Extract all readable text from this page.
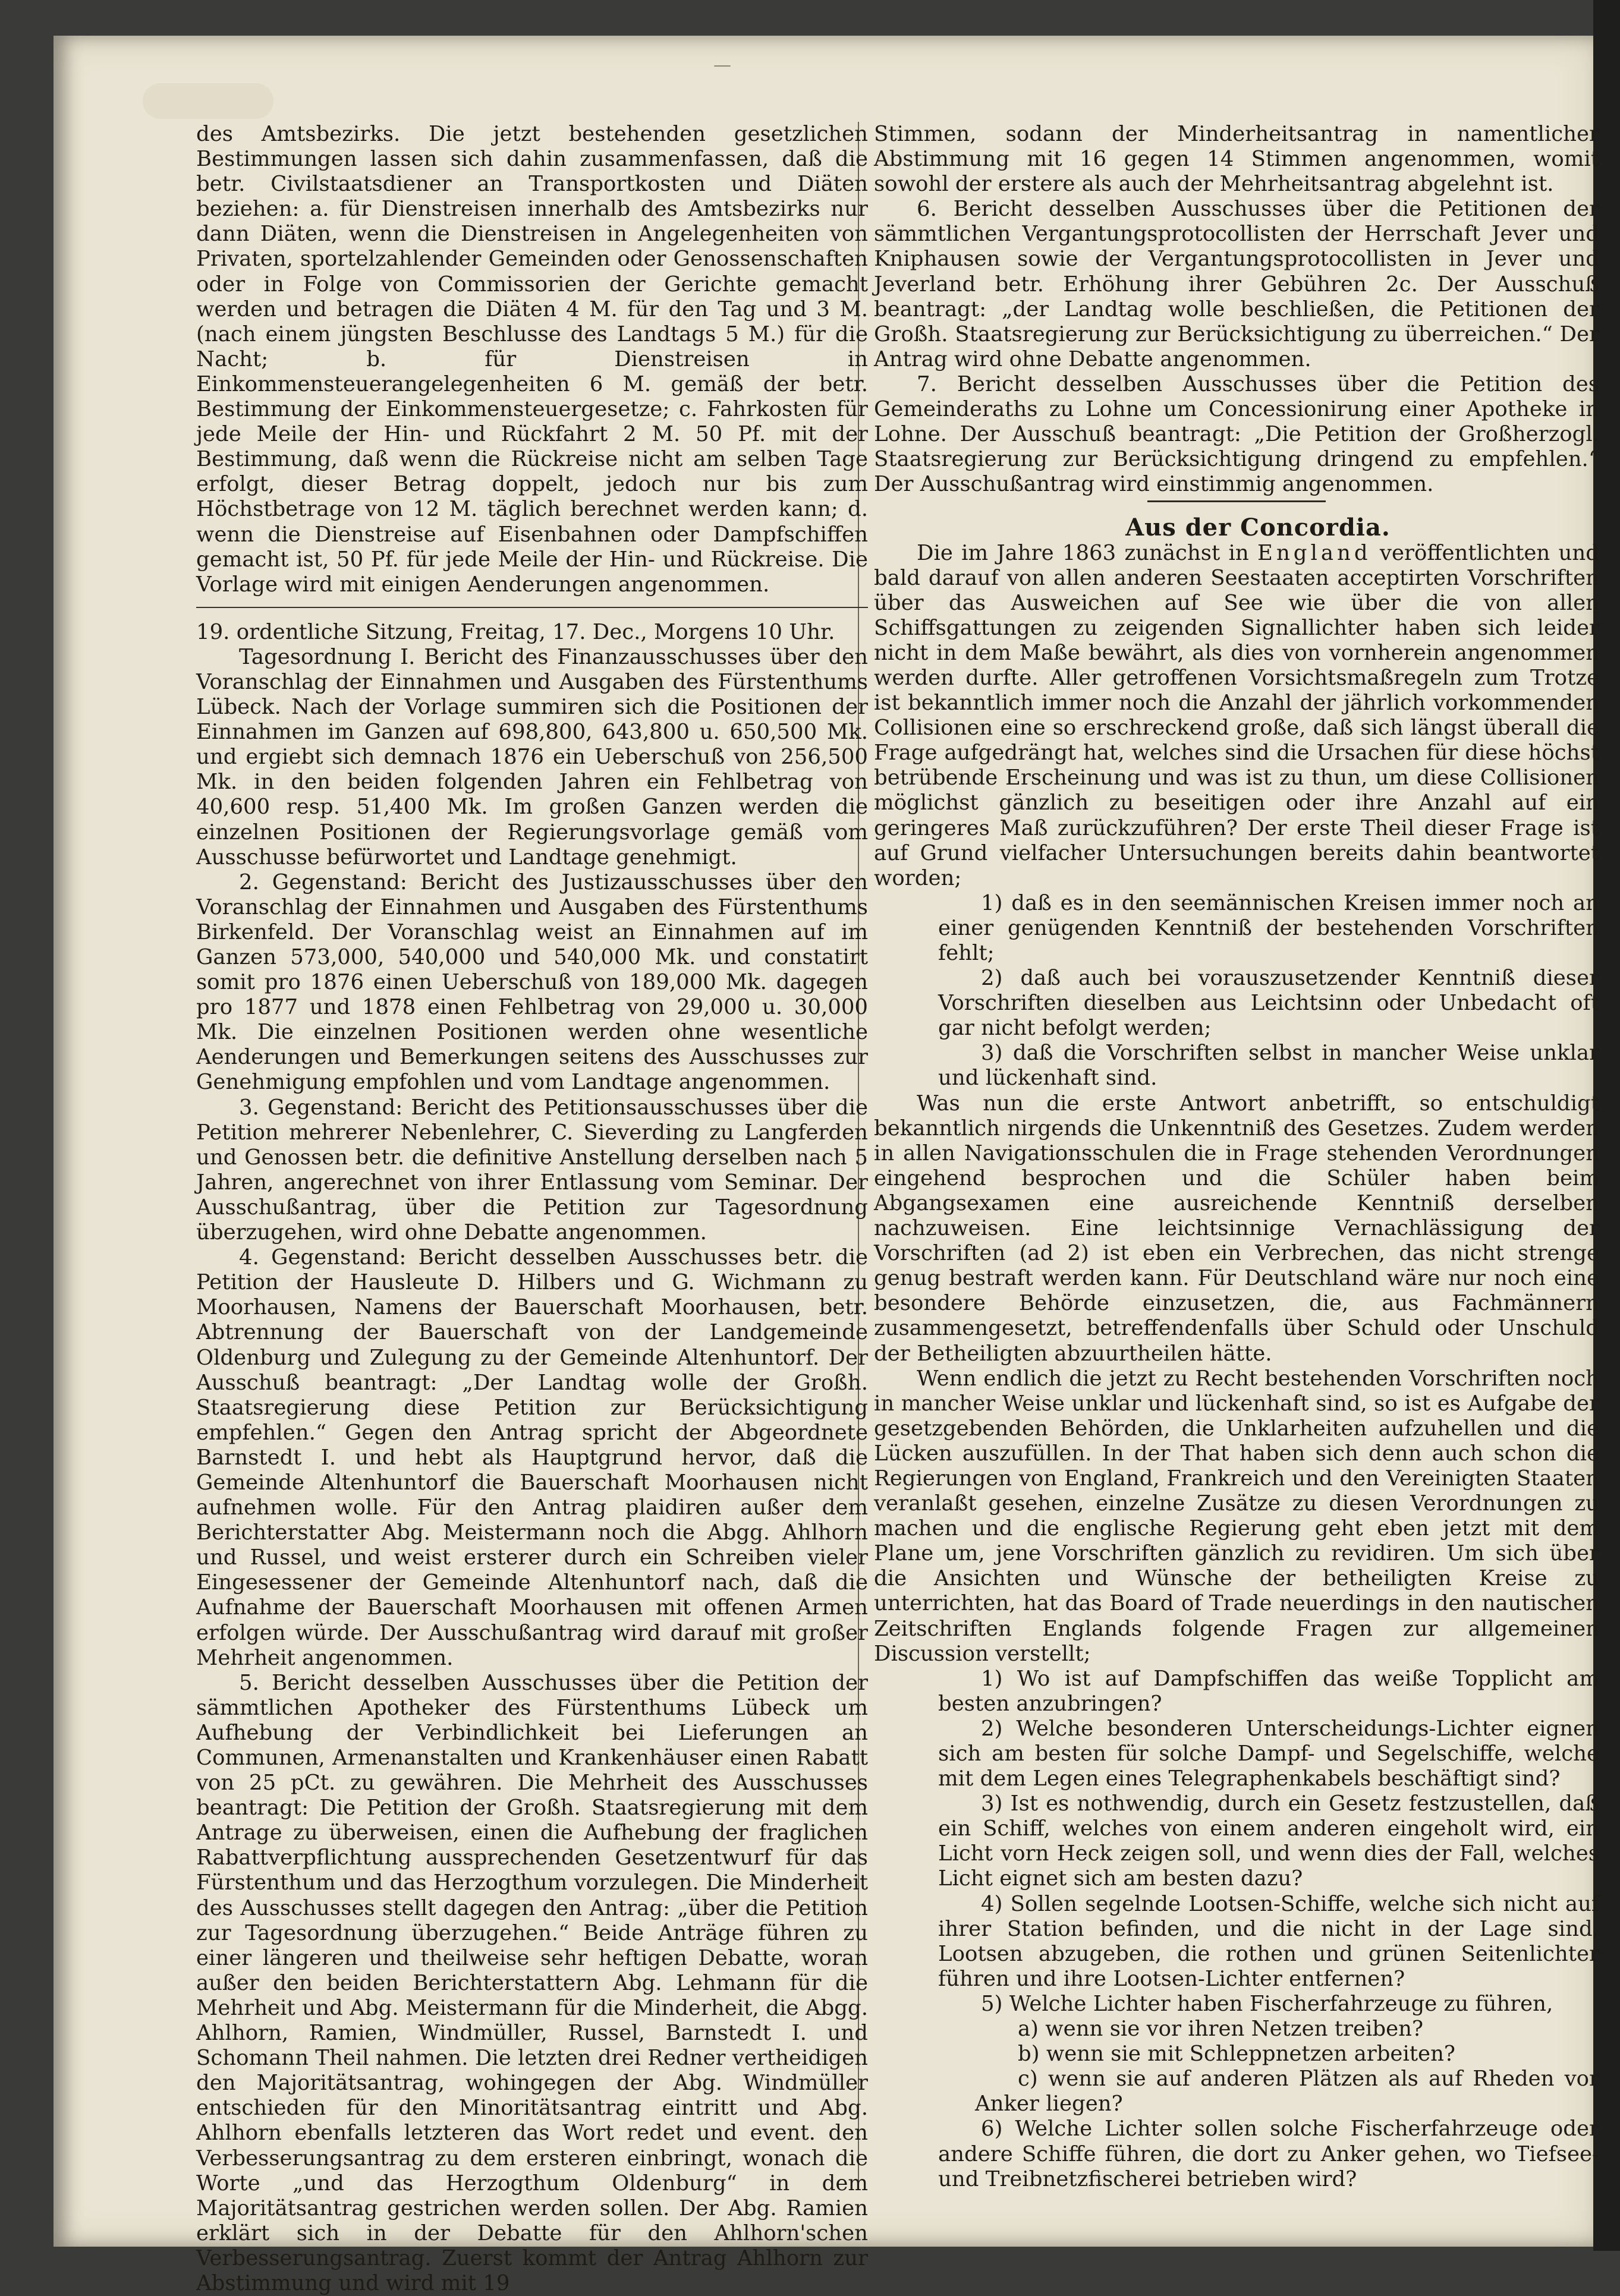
—

des Amtsbezirks. Die jetzt bestehenden gesetzlichen Bestimmungen lassen sich dahin zusammenfassen, daß die betr. Civilstaatsdiener an Transportkosten und Diäten beziehen: a. für Dienstreisen innerhalb des Amtsbezirks nur dann Diäten, wenn die Dienstreisen in Angelegenheiten von Privaten, sportelzahlender Gemeinden oder Genossenschaften oder in Folge von Commissorien der Gerichte gemacht werden und betragen die Diäten 4 M. für den Tag und 3 M. (nach einem jüngsten Beschlusse des Landtags 5 M.) für die Nacht; b. für Dienstreisen in Einkommensteuerangelegenheiten 6 M. gemäß der betr. Bestimmung der Einkommensteuergesetze; c. Fahrkosten für jede Meile der Hin- und Rückfahrt 2 M. 50 Pf. mit der Bestimmung, daß wenn die Rückreise nicht am selben Tage erfolgt, dieser Betrag doppelt, jedoch nur bis zum Höchstbetrage von 12 M. täglich berechnet werden kann; d. wenn die Dienstreise auf Eisenbahnen oder Dampfschiffen gemacht ist, 50 Pf. für jede Meile der Hin- und Rückreise. Die Vorlage wird mit einigen Aenderungen angenommen.

19. ordentliche Sitzung, Freitag, 17. Dec., Morgens 10 Uhr.

Tagesordnung I. Bericht des Finanzausschusses über den Voranschlag der Einnahmen und Ausgaben des Fürstenthums Lübeck. Nach der Vorlage summiren sich die Positionen der Einnahmen im Ganzen auf 698,800, 643,800 u. 650,500 Mk. und ergiebt sich demnach 1876 ein Ueberschuß von 256,500 Mk. in den beiden folgenden Jahren ein Fehlbetrag von 40,600 resp. 51,400 Mk. Im großen Ganzen werden die einzelnen Positionen der Regierungsvorlage gemäß vom Ausschusse befürwortet und Landtage genehmigt.

2. Gegenstand: Bericht des Justizausschusses über den Voranschlag der Einnahmen und Ausgaben des Fürstenthums Birkenfeld. Der Voranschlag weist an Einnahmen auf im Ganzen 573,000, 540,000 und 540,000 Mk. und constatirt somit pro 1876 einen Ueberschuß von 189,000 Mk. dagegen pro 1877 und 1878 einen Fehlbetrag von 29,000 u. 30,000 Mk. Die einzelnen Positionen werden ohne wesentliche Aenderungen und Bemerkungen seitens des Ausschusses zur Genehmigung empfohlen und vom Landtage angenommen.

3. Gegenstand: Bericht des Petitionsausschusses über die Petition mehrerer Nebenlehrer, C. Sieverding zu Langferden und Genossen betr. die definitive Anstellung derselben nach 5 Jahren, angerechnet von ihrer Entlassung vom Seminar. Der Ausschußantrag, über die Petition zur Tagesordnung überzugehen, wird ohne Debatte angenommen.

4. Gegenstand: Bericht desselben Ausschusses betr. die Petition der Hausleute D. Hilbers und G. Wichmann zu Moorhausen, Namens der Bauerschaft Moorhausen, betr. Abtrennung der Bauerschaft von der Landgemeinde Oldenburg und Zulegung zu der Gemeinde Altenhuntorf. Der Ausschuß beantragt: „Der Landtag wolle der Großh. Staatsregierung diese Petition zur Berücksichtigung empfehlen.“ Gegen den Antrag spricht der Abgeordnete Barnstedt I. und hebt als Hauptgrund hervor, daß die Gemeinde Altenhuntorf die Bauerschaft Moorhausen nicht aufnehmen wolle. Für den Antrag plaidiren außer dem Berichterstatter Abg. Meistermann noch die Abgg. Ahlhorn und Russel, und weist ersterer durch ein Schreiben vieler Eingesessener der Gemeinde Altenhuntorf nach, daß die Aufnahme der Bauerschaft Moorhausen mit offenen Armen erfolgen würde. Der Ausschußantrag wird darauf mit großer Mehrheit angenommen.

5. Bericht desselben Ausschusses über die Petition der sämmtlichen Apotheker des Fürstenthums Lübeck um Aufhebung der Verbindlichkeit bei Lieferungen an Communen, Armenanstalten und Krankenhäuser einen Rabatt von 25 pCt. zu gewähren. Die Mehrheit des Ausschusses beantragt: Die Petition der Großh. Staatsregierung mit dem Antrage zu überweisen, einen die Aufhebung der fraglichen Rabattverpflichtung aussprechenden Gesetzentwurf für das Fürstenthum und das Herzogthum vorzulegen. Die Minderheit des Ausschusses stellt dagegen den Antrag: „über die Petition zur Tagesordnung überzugehen.“ Beide Anträge führen zu einer längeren und theilweise sehr heftigen Debatte, woran außer den beiden Berichterstattern Abg. Lehmann für die Mehrheit und Abg. Meistermann für die Minderheit, die Abgg. Ahlhorn, Ramien, Windmüller, Russel, Barnstedt I. und Schomann Theil nahmen. Die letzten drei Redner vertheidigen den Majoritätsantrag, wohingegen der Abg. Windmüller entschieden für den Minoritätsantrag eintritt und Abg. Ahlhorn ebenfalls letzteren das Wort redet und event. den Verbesserungsantrag zu dem ersteren einbringt, wonach die Worte „und das Herzogthum Oldenburg“ in dem Majoritätsantrag gestrichen werden sollen. Der Abg. Ramien erklärt sich in der Debatte für den Ahlhorn'schen Verbesserungsantrag. Zuerst kommt der Antrag Ahlhorn zur Abstimmung und wird mit 19

Stimmen, sodann der Minderheitsantrag in namentlicher Abstimmung mit 16 gegen 14 Stimmen angenommen, womit sowohl der erstere als auch der Mehrheitsantrag abgelehnt ist.

6. Bericht desselben Ausschusses über die Petitionen der sämmtlichen Vergantungsprotocollisten der Herrschaft Jever und Kniphausen sowie der Vergantungsprotocollisten in Jever und Jeverland betr. Erhöhung ihrer Gebühren 2c. Der Ausschuß beantragt: „der Landtag wolle beschließen, die Petitionen der Großh. Staatsregierung zur Berücksichtigung zu überreichen.“ Der Antrag wird ohne Debatte angenommen.

7. Bericht desselben Ausschusses über die Petition des Gemeinderaths zu Lohne um Concessionirung einer Apotheke in Lohne. Der Ausschuß beantragt: „Die Petition der Großherzogl. Staatsregierung zur Berücksichtigung dringend zu empfehlen.“ Der Ausschußantrag wird einstimmig angenommen.

Aus der Concordia.

Die im Jahre 1863 zunächst in England veröffentlichten und bald darauf von allen anderen Seestaaten acceptirten Vorschriften über das Ausweichen auf See wie über die von allen Schiffsgattungen zu zeigenden Signallichter haben sich leider nicht in dem Maße bewährt, als dies von vornherein angenommen werden durfte. Aller getroffenen Vorsichtsmaßregeln zum Trotze ist bekanntlich immer noch die Anzahl der jährlich vorkommenden Collisionen eine so erschreckend große, daß sich längst überall die Frage aufgedrängt hat, welches sind die Ursachen für diese höchst betrübende Erscheinung und was ist zu thun, um diese Collisionen möglichst gänzlich zu beseitigen oder ihre Anzahl auf ein geringeres Maß zurückzuführen? Der erste Theil dieser Frage ist auf Grund vielfacher Untersuchungen bereits dahin beantwortet worden;

1) daß es in den seemännischen Kreisen immer noch an einer genügenden Kenntniß der bestehenden Vorschriften fehlt;

2) daß auch bei vorauszusetzender Kenntniß dieser Vorschriften dieselben aus Leichtsinn oder Unbedacht oft gar nicht befolgt werden;

3) daß die Vorschriften selbst in mancher Weise unklar und lückenhaft sind.

Was nun die erste Antwort anbetrifft, so entschuldigt bekanntlich nirgends die Unkenntniß des Gesetzes. Zudem werden in allen Navigationsschulen die in Frage stehenden Verordnungen eingehend besprochen und die Schüler haben beim Abgangsexamen eine ausreichende Kenntniß derselben nachzuweisen. Eine leichtsinnige Vernachlässigung der Vorschriften (ad 2) ist eben ein Verbrechen, das nicht strenge genug bestraft werden kann. Für Deutschland wäre nur noch eine besondere Behörde einzusetzen, die, aus Fachmännern zusammengesetzt, betreffendenfalls über Schuld oder Unschuld der Betheiligten abzuurtheilen hätte.

Wenn endlich die jetzt zu Recht bestehenden Vorschriften noch in mancher Weise unklar und lückenhaft sind, so ist es Aufgabe der gesetzgebenden Behörden, die Unklarheiten aufzuhellen und die Lücken auszufüllen. In der That haben sich denn auch schon die Regierungen von England, Frankreich und den Vereinigten Staaten veranlaßt gesehen, einzelne Zusätze zu diesen Verordnungen zu machen und die englische Regierung geht eben jetzt mit dem Plane um, jene Vorschriften gänzlich zu revidiren. Um sich über die Ansichten und Wünsche der betheiligten Kreise zu unterrichten, hat das Board of Trade neuerdings in den nautischen Zeitschriften Englands folgende Fragen zur allgemeinen Discussion verstellt;

1) Wo ist auf Dampfschiffen das weiße Topplicht am besten anzubringen?

2) Welche besonderen Unterscheidungs-Lichter eignen sich am besten für solche Dampf- und Segelschiffe, welche mit dem Legen eines Telegraphenkabels beschäftigt sind?

3) Ist es nothwendig, durch ein Gesetz festzustellen, daß ein Schiff, welches von einem anderen eingeholt wird, ein Licht vorn Heck zeigen soll, und wenn dies der Fall, welches Licht eignet sich am besten dazu?

4) Sollen segelnde Lootsen-Schiffe, welche sich nicht auf ihrer Station befinden, und die nicht in der Lage sind, Lootsen abzugeben, die rothen und grünen Seitenlichter führen und ihre Lootsen-Lichter entfernen?

5) Welche Lichter haben Fischerfahrzeuge zu führen,

a) wenn sie vor ihren Netzen treiben?

b) wenn sie mit Schleppnetzen arbeiten?

c) wenn sie auf anderen Plätzen als auf Rheden vor Anker liegen?

6) Welche Lichter sollen solche Fischerfahrzeuge oder andere Schiffe führen, die dort zu Anker gehen, wo Tiefsee- und Treibnetzfischerei betrieben wird?
